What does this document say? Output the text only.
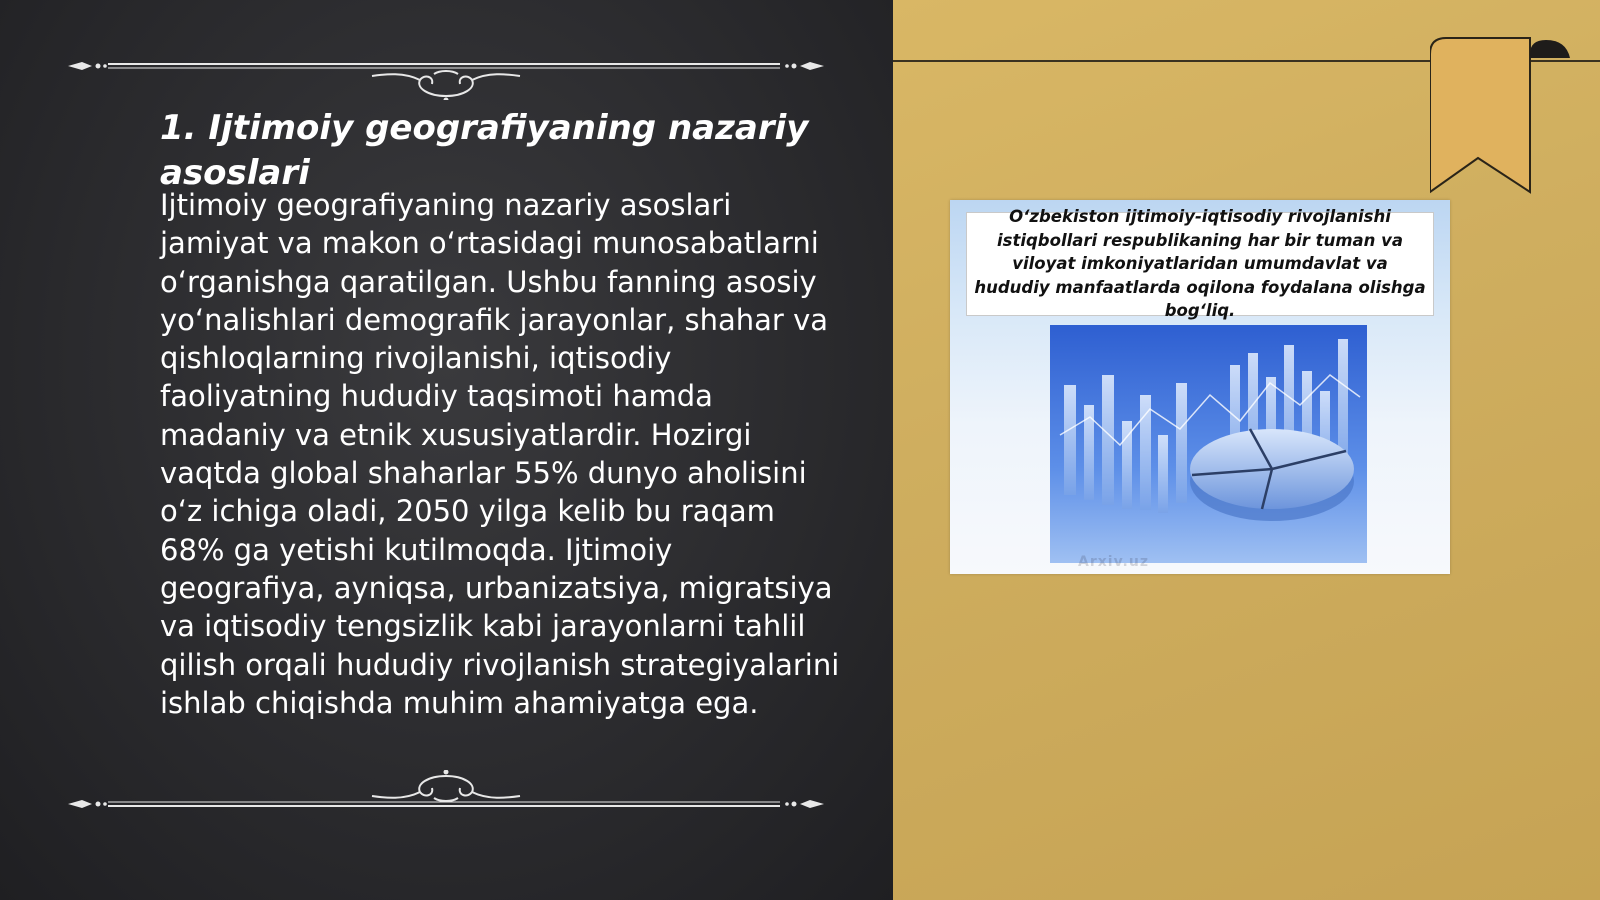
1. Ijtimoiy geografiyaning nazariy asoslari

Ijtimoiy geografiyaning nazariy asoslari jamiyat va makon o‘rtasidagi munosabatlarni o‘rganishga qaratilgan. Ushbu fanning asosiy yo‘nalishlari demografik jarayonlar, shahar va qishloqlarning rivojlanishi, iqtisodiy faoliyatning hududiy taqsimoti hamda madaniy va etnik xususiyatlardir. Hozirgi vaqtda global shaharlar 55% dunyo aholisini o‘z ichiga oladi, 2050 yilga kelib bu raqam 68% ga yetishi kutilmoqda. Ijtimoiy geografiya, ayniqsa, urbanizatsiya, migratsiya va iqtisodiy tengsizlik kabi jarayonlarni tahlil qilish orqali hududiy rivojlanish strategiyalarini ishlab chiqishda muhim ahamiyatga ega.

O‘zbekiston ijtimoiy-iqtisodiy rivojlanishi istiqbollari respublikaning har bir tuman va viloyat imkoniyatlaridan umumdavlat va hududiy manfaatlarda oqilona foydalana olishga bog‘liq.

Arxiv.uz
